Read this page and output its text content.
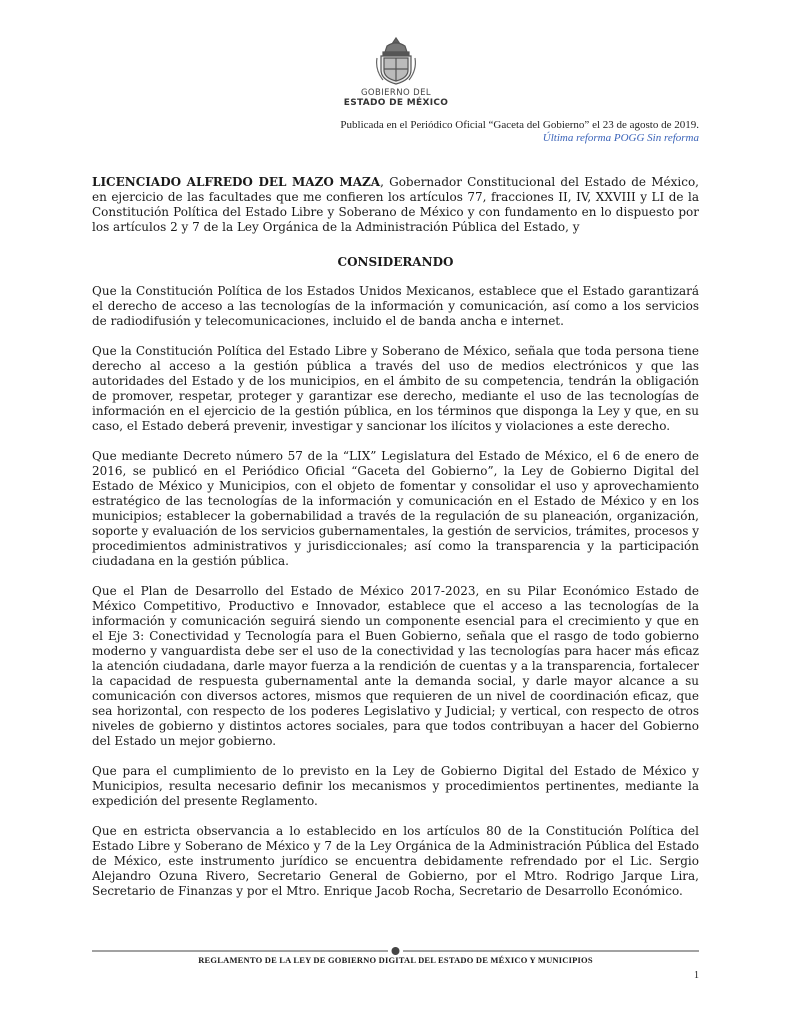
GOBIERNO DEL
ESTADO DE MÉXICO
Publicada en el Periódico Oficial “Gaceta del Gobierno” el 23 de agosto de 2019.
Última reforma POGG Sin reforma

LICENCIADO ALFREDO DEL MAZO MAZA, Gobernador Constitucional del Estado de México, en ejercicio de las facultades que me confieren los artículos 77, fracciones II, IV, XXVIII y LI de la Constitución Política del Estado Libre y Soberano de México y con fundamento en lo dispuesto por los artículos 2 y 7 de la Ley Orgánica de la Administración Pública del Estado, y

CONSIDERANDO

Que la Constitución Política de los Estados Unidos Mexicanos, establece que el Estado garantizará el derecho de acceso a las tecnologías de la información y comunicación, así como a los servicios de radiodifusión y telecomunicaciones, incluido el de banda ancha e internet.

Que la Constitución Política del Estado Libre y Soberano de México, señala que toda persona tiene derecho al acceso a la gestión pública a través del uso de medios electrónicos y que las autoridades del Estado y de los municipios, en el ámbito de su competencia, tendrán la obligación de promover, respetar, proteger y garantizar ese derecho, mediante el uso de las tecnologías de información en el ejercicio de la gestión pública, en los términos que disponga la Ley y que, en su caso, el Estado deberá prevenir, investigar y sancionar los ilícitos y violaciones a este derecho.

Que mediante Decreto número 57 de la “LIX” Legislatura del Estado de México, el 6 de enero de 2016, se publicó en el Periódico Oficial “Gaceta del Gobierno”, la Ley de Gobierno Digital del Estado de México y Municipios, con el objeto de fomentar y consolidar el uso y aprovechamiento estratégico de las tecnologías de la información y comunicación en el Estado de México y en los municipios; establecer la gobernabilidad a través de la regulación de su planeación, organización, soporte y evaluación de los servicios gubernamentales, la gestión de servicios, trámites, procesos y procedimientos administrativos y jurisdiccionales; así como la transparencia y la participación ciudadana en la gestión pública.

Que el Plan de Desarrollo del Estado de México 2017-2023, en su Pilar Económico Estado de México Competitivo, Productivo e Innovador, establece que el acceso a las tecnologías de la información y comunicación seguirá siendo un componente esencial para el crecimiento y que en el Eje 3: Conectividad y Tecnología para el Buen Gobierno, señala que el rasgo de todo gobierno moderno y vanguardista debe ser el uso de la conectividad y las tecnologías para hacer más eficaz la atención ciudadana, darle mayor fuerza a la rendición de cuentas y a la transparencia, fortalecer la capacidad de respuesta gubernamental ante la demanda social, y darle mayor alcance a su comunicación con diversos actores, mismos que requieren de un nivel de coordinación eficaz, que sea horizontal, con respecto de los poderes Legislativo y Judicial; y vertical, con respecto de otros niveles de gobierno y distintos actores sociales, para que todos contribuyan a hacer del Gobierno del Estado un mejor gobierno.

Que para el cumplimiento de lo previsto en la Ley de Gobierno Digital del Estado de México y Municipios, resulta necesario definir los mecanismos y procedimientos pertinentes, mediante la expedición del presente Reglamento.

Que en estricta observancia a lo establecido en los artículos 80 de la Constitución Política del Estado Libre y Soberano de México y 7 de la Ley Orgánica de la Administración Pública del Estado de México, este instrumento jurídico se encuentra debidamente refrendado por el Lic. Sergio Alejandro Ozuna Rivero, Secretario General de Gobierno, por el Mtro. Rodrigo Jarque Lira, Secretario de Finanzas y por el Mtro. Enrique Jacob Rocha, Secretario de Desarrollo Económico.

REGLAMENTO DE LA LEY DE GOBIERNO DIGITAL DEL ESTADO DE MÉXICO Y MUNICIPIOS
1
